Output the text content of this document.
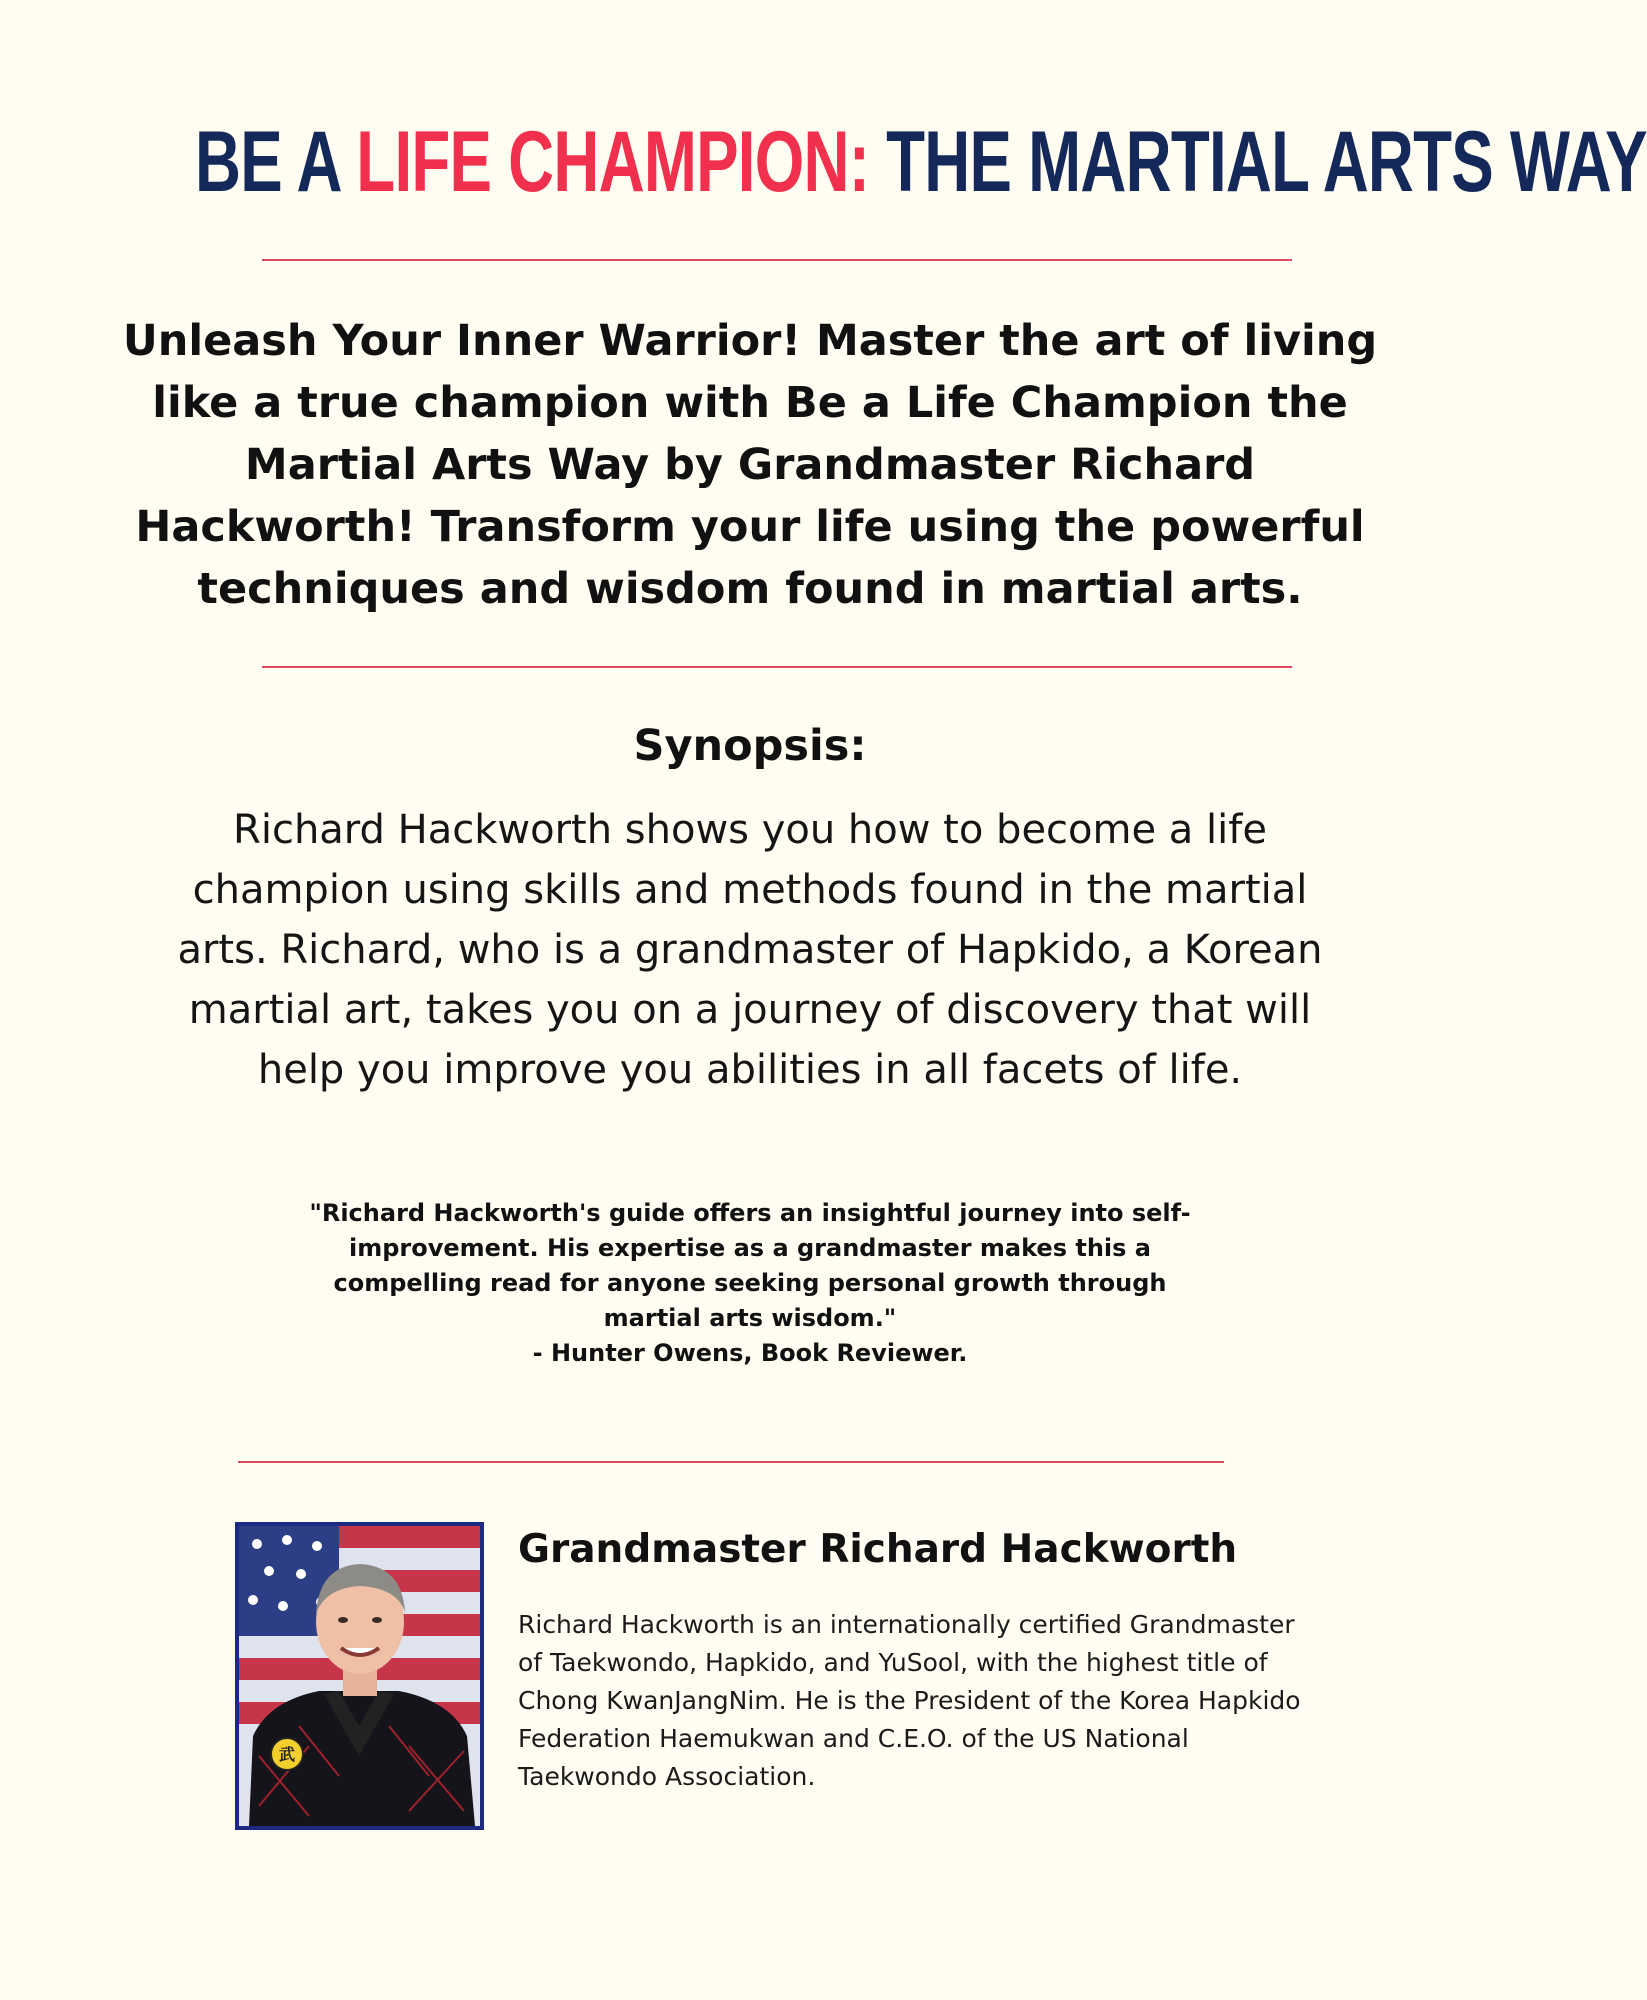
BE A LIFE CHAMPION: THE MARTIAL ARTS WAY
Unleash Your Inner Warrior! Master the art of living like a true champion with Be a Life Champion the Martial Arts Way by Grandmaster Richard Hackworth! Transform your life using the powerful techniques and wisdom found in martial arts.
Synopsis:
Richard Hackworth shows you how to become a life champion using skills and methods found in the martial arts. Richard, who is a grandmaster of Hapkido, a Korean martial art, takes you on a journey of discovery that will help you improve you abilities in all facets of life.
"Richard Hackworth's guide offers an insightful journey into self-improvement. His expertise as a grandmaster makes this a compelling read for anyone seeking personal growth through martial arts wisdom."
- Hunter Owens, Book Reviewer.
武
Grandmaster Richard Hackworth
Richard Hackworth is an internationally certified Grandmaster of Taekwondo, Hapkido, and YuSool, with the highest title of Chong KwanJangNim. He is the President of the Korea Hapkido Federation Haemukwan and C.E.O. of the US National Taekwondo Association.
